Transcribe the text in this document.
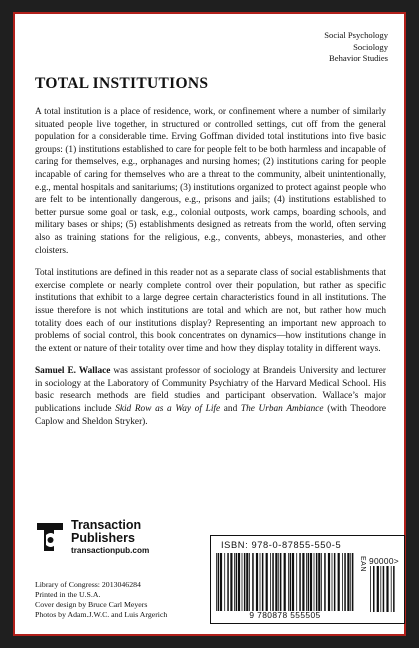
Social Psychology
Sociology
Behavior Studies
TOTAL INSTITUTIONS

A total institution is a place of residence, work, or confinement where a number of similarly situated people live together, in structured or controlled settings, cut off from the general population for a considerable time. Erving Goffman divided total institutions into five basic groups: (1) institutions established to care for people felt to be both harmless and incapable of caring for themselves, e.g., orphanages and nursing homes; (2) institutions caring for people incapable of caring for themselves who are a threat to the community, albeit unintentionally, e.g., mental hospitals and sanitariums; (3) institutions organized to protect against people who are felt to be intentionally dangerous, e.g., prisons and jails; (4) institutions established to better pursue some goal or task, e.g., colonial outposts, work camps, boarding schools, and military bases or ships; (5) establishments designed as retreats from the world, often serving also as training stations for the religious, e.g., convents, abbeys, monasteries, and other cloisters.

Total institutions are defined in this reader not as a separate class of social establishments that exercise complete or nearly complete control over their population, but rather as specific institutions that exhibit to a large degree certain characteristics found in all institutions. The issue therefore is not which institutions are total and which are not, but rather how much totality does each of our institutions display? Representing an important new approach to problems of social control, this book concentrates on dynamics—how institutions change in the extent or nature of their totality over time and how they display totality in different ways.

Samuel E. Wallace was assistant professor of sociology at Brandeis University and lecturer in sociology at the Laboratory of Community Psychiatry of the Harvard Medical School. His basic research methods are field studies and participant observation. Wallace’s major publications include Skid Row as a Way of Life and The Urban Ambiance (with Theodore Caplow and Sheldon Stryker).

Transaction
Publishers
transactionpub.com
Library of Congress: 2013046284
Printed in the U.S.A.
Cover design by Bruce Carl Meyers
Photos by Adam.J.W.C. and Luis Argerich
ISBN: 978-0-87855-550-5
9 780878 555505
EAN 90000>
